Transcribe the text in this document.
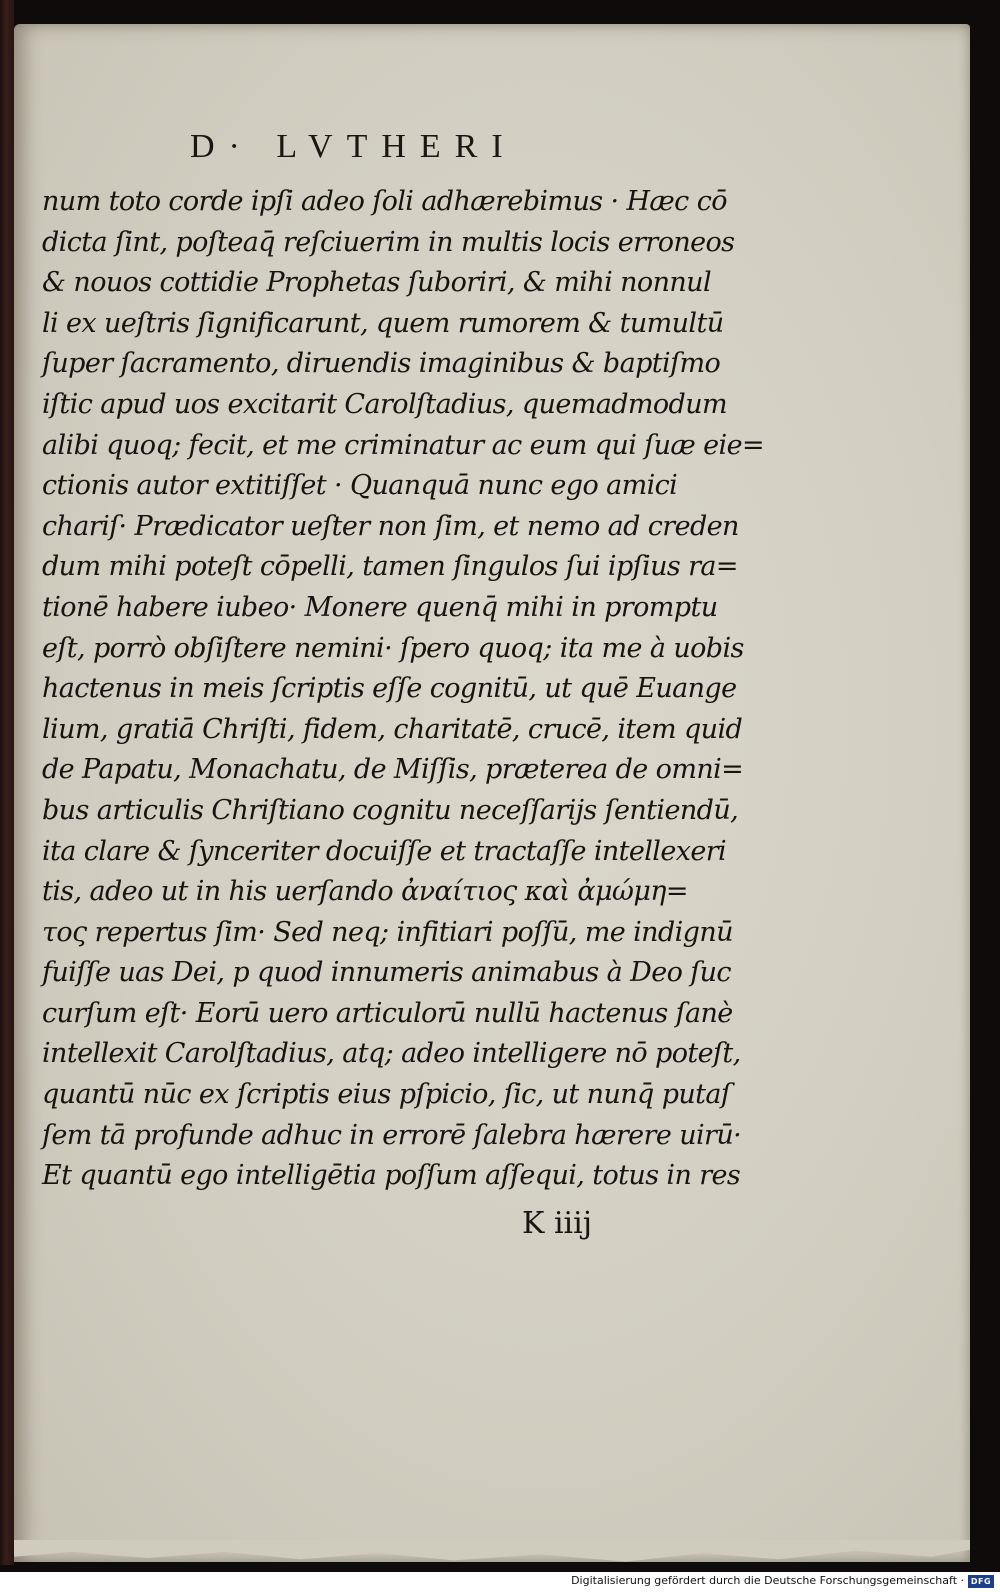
D· LVTHERI
num toto corde ipſi adeo ſoli adhærebimus · Hæc cō
dicta ſint, poſteaq̄ reſciuerim in multis locis erroneos
& nouos cottidie Prophetas ſuboriri, & mihi nonnul
li ex ueſtris ſignificarunt, quem rumorem & tumultū
ſuper ſacramento, diruendis imaginibus & baptiſmo
iſtic apud uos excitarit Carolſtadius, quemadmodum
alibi quoq; fecit, et me criminatur ac eum qui ſuæ eie=
ctionis autor extitiſſet · Quanquā nunc ego amici
chariſ· Prædicator ueſter non ſim, et nemo ad creden
dum mihi poteſt cōpelli, tamen ſingulos ſui ipſius ra=
tionē habere iubeo· Monere quenq̄ mihi in promptu
eſt, porrò obſiſtere nemini· ſpero quoq; ita me à uobis
hactenus in meis ſcriptis eſſe cognitū, ut quē Euange
lium, gratiā Chriſti, fidem, charitatē, crucē, item quid
de Papatu, Monachatu, de Miſſis, præterea de omni=
bus articulis Chriſtiano cognitu neceſſarijs ſentiendū,
ita clare & ſynceriter docuiſſe et tractaſſe intellexeri
tis, adeo ut in his uerſando ἀναίτιος καὶ ἀμώμη=
τος repertus ſim· Sed neq; infitiari poſſū, me indignū
fuiſſe uas Dei, p quod innumeris animabus à Deo ſuc
curſum eſt· Eorū uero articulorū nullū hactenus ſanè
intellexit Carolſtadius, atq; adeo intelligere nō poteſt,
quantū nūc ex ſcriptis eius pſpicio, ſic, ut nunq̄ putaſ
ſem tā profunde adhuc in errorē ſalebra hærere uirū·
Et quantū ego intelligētia poſſum aſſequi, totus in res
K iiij
Digitalisierung gefördert durch die Deutsche Forschungsgemeinschaft · DFG
